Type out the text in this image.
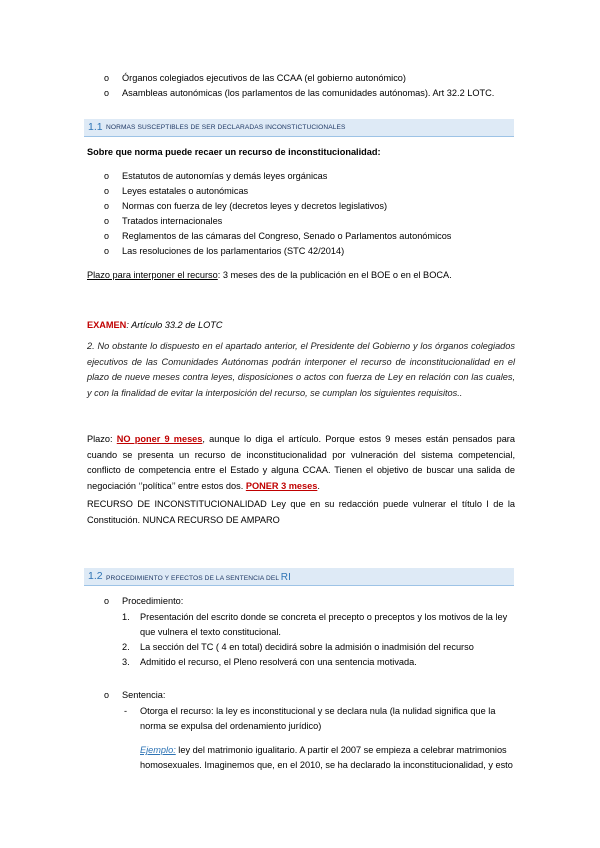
o Órganos colegiados ejecutivos de las CCAA (el gobierno autonómico)
o Asambleas autonómicas (los parlamentos de las comunidades autónomas). Art 32.2 LOTC.
1.1 NORMAS SUSCEPTIBLES DE SER DECLARADAS INCONSTICTUCIONALES
Sobre que norma puede recaer un recurso de inconstitucionalidad:
o Estatutos de autonomías y demás leyes orgánicas
o Leyes estatales o autonómicas
o Normas con fuerza de ley (decretos leyes y decretos legislativos)
o Tratados internacionales
o Reglamentos de las cámaras del Congreso, Senado o Parlamentos autonómicos
o Las resoluciones de los parlamentarios (STC 42/2014)
Plazo para interponer el recurso: 3 meses des de la publicación en el BOE o en el BOCA.
EXAMEN: Artículo 33.2 de LOTC
2. No obstante lo dispuesto en el apartado anterior, el Presidente del Gobierno y los órganos colegiados ejecutivos de las Comunidades Autónomas podrán interponer el recurso de inconstitucionalidad en el plazo de nueve meses contra leyes, disposiciones o actos con fuerza de Ley en relación con las cuales, y con la finalidad de evitar la interposición del recurso, se cumplan los siguientes requisitos..
Plazo: NO poner 9 meses, aunque lo diga el artículo. Porque estos 9 meses están pensados para cuando se presenta un recurso de inconstitucionalidad por vulneración del sistema competencial, conflicto de competencia entre el Estado y alguna CCAA. Tienen el objetivo de buscar una salida de negociación ‘’política’’ entre estos dos. PONER 3 meses.
RECURSO DE INCONSTITUCIONALIDAD Ley que en su redacción puede vulnerar el título I de la Constitución. NUNCA RECURSO DE AMPARO
1.2 PROCEDIMIENTO Y EFECTOS DE LA SENTENCIA DEL RI
o Procedimiento:
1. Presentación del escrito donde se concreta el precepto o preceptos y los motivos de la ley
que vulnera el texto constitucional.
2. La sección del TC ( 4 en total) decidirá sobre la admisión o inadmisión del recurso
3. Admitido el recurso, el Pleno resolverá con una sentencia motivada.
o Sentencia:
- Otorga el recurso: la ley es inconstitucional y se declara nula (la nulidad significa que la
norma se expulsa del ordenamiento jurídico)
Ejemplo: ley del matrimonio igualitario. A partir el 2007 se empieza a celebrar matrimonios
homosexuales. Imaginemos que, en el 2010, se ha declarado la inconstitucionalidad, y esto
